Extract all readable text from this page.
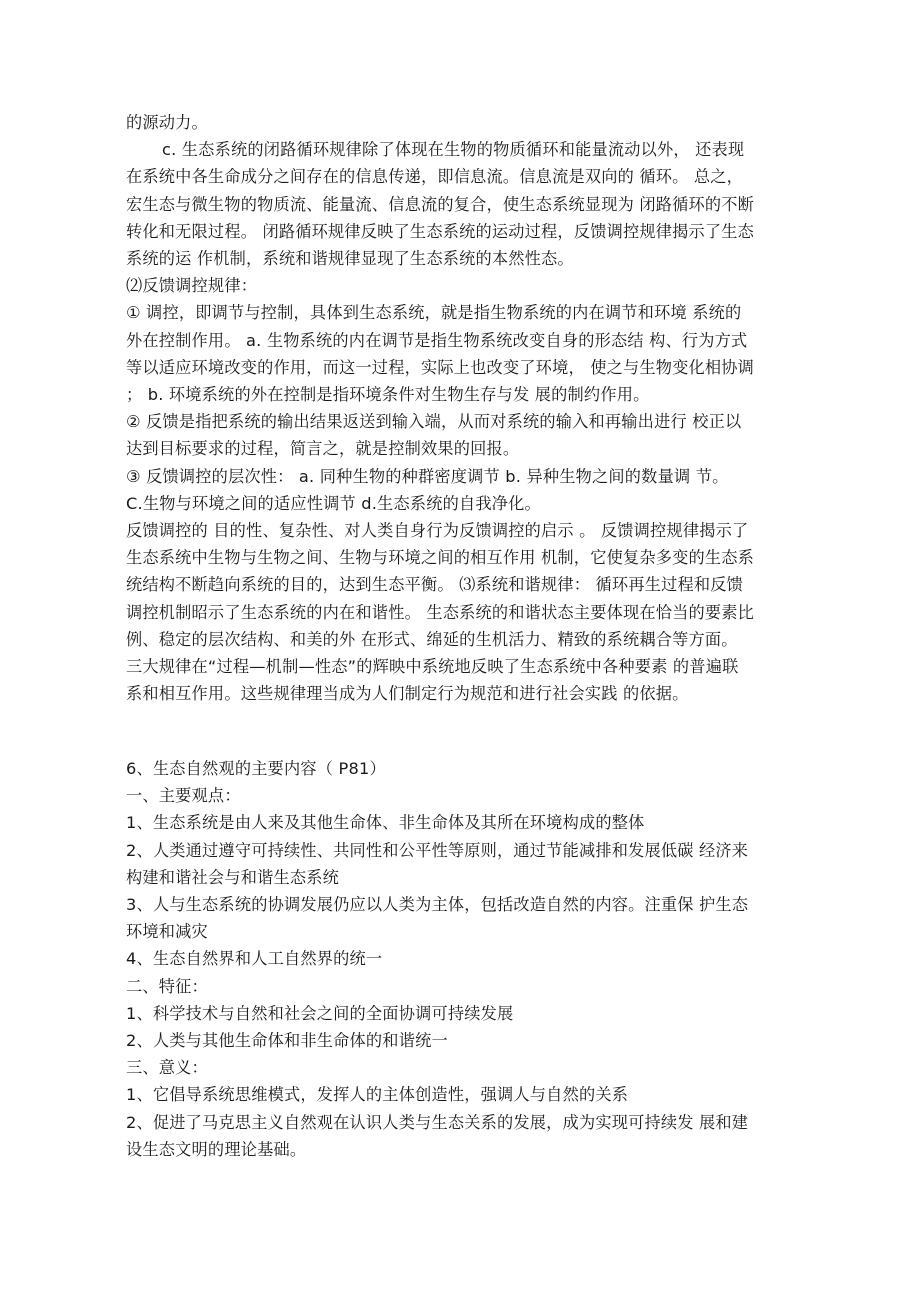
的源动力。
c. 生态系统的闭路循环规律除了体现在生物的物质循环和能量流动以外， 还表现
在系统中各生命成分之间存在的信息传递，即信息流。信息流是双向的 循环。 总之，
宏生态与微生物的物质流、能量流、信息流的复合，使生态系统显现为 闭路循环的不断
转化和无限过程。 闭路循环规律反映了生态系统的运动过程，反馈调控规律揭示了生态
系统的运 作机制，系统和谐规律显现了生态系统的本然性态。
⑵反馈调控规律：
① 调控，即调节与控制，具体到生态系统，就是指生物系统的内在调节和环境 系统的
外在控制作用。 a. 生物系统的内在调节是指生物系统改变自身的形态结 构、行为方式
等以适应环境改变的作用，而这一过程，实际上也改变了环境， 使之与生物变化相协调
； b. 环境系统的外在控制是指环境条件对生物生存与发 展的制约作用。
② 反馈是指把系统的输出结果返送到输入端，从而对系统的输入和再输出进行 校正以
达到目标要求的过程，简言之，就是控制效果的回报。
③ 反馈调控的层次性： a. 同种生物的种群密度调节 b. 异种生物之间的数量调 节。
C.生物与环境之间的适应性调节 d.生态系统的自我净化。
反馈调控的 目的性、复杂性、对人类自身行为反馈调控的启示 。 反馈调控规律揭示了
生态系统中生物与生物之间、生物与环境之间的相互作用 机制，它使复杂多变的生态系
统结构不断趋向系统的目的，达到生态平衡。 ⑶系统和谐规律： 循环再生过程和反馈
调控机制昭示了生态系统的内在和谐性。 生态系统的和谐状态主要体现在恰当的要素比
例、稳定的层次结构、和美的外 在形式、绵延的生机活力、精致的系统耦合等方面。
三大规律在“过程—机制—性态”的辉映中系统地反映了生态系统中各种要素 的普遍联
系和相互作用。这些规律理当成为人们制定行为规范和进行社会实践 的依据。
6、生态自然观的主要内容（ P81）
一、主要观点：
1、生态系统是由人来及其他生命体、非生命体及其所在环境构成的整体
2、人类通过遵守可持续性、共同性和公平性等原则，通过节能减排和发展低碳 经济来
构建和谐社会与和谐生态系统
3、人与生态系统的协调发展仍应以人类为主体，包括改造自然的内容。注重保 护生态
环境和减灾
4、生态自然界和人工自然界的统一
二、特征：
1、科学技术与自然和社会之间的全面协调可持续发展
2、人类与其他生命体和非生命体的和谐统一
三、意义：
1、它倡导系统思维模式，发挥人的主体创造性，强调人与自然的关系
2、促进了马克思主义自然观在认识人类与生态关系的发展，成为实现可持续发 展和建
设生态文明的理论基础。
